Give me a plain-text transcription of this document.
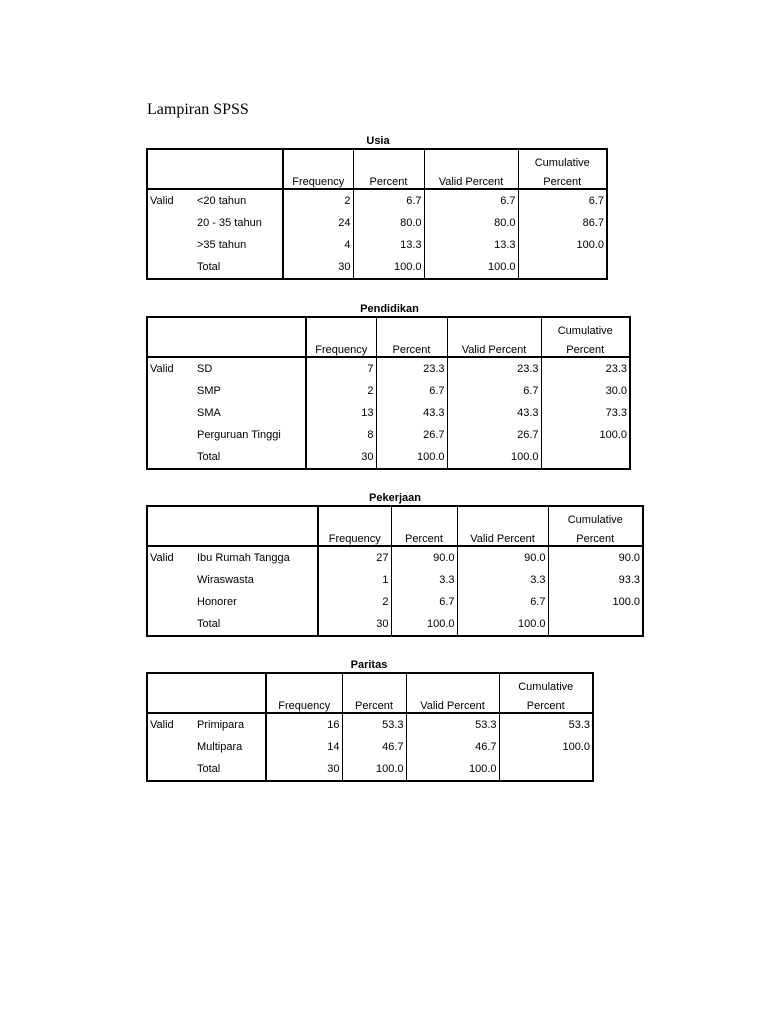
Lampiran SPSS
Usia
					Cumulative
		Frequency	Percent	Valid Percent	Percent
Valid	<20 tahun	2	6.7	6.7	6.7
	20 - 35 tahun	24	80.0	80.0	86.7
	>35 tahun	4	13.3	13.3	100.0
	Total	30	100.0	100.0	
Pendidikan
					Cumulative
		Frequency	Percent	Valid Percent	Percent
Valid	SD	7	23.3	23.3	23.3
	SMP	2	6.7	6.7	30.0
	SMA	13	43.3	43.3	73.3
	Perguruan Tinggi	8	26.7	26.7	100.0
	Total	30	100.0	100.0	
Pekerjaan
					Cumulative
		Frequency	Percent	Valid Percent	Percent
Valid	Ibu Rumah Tangga	27	90.0	90.0	90.0
	Wiraswasta	1	3.3	3.3	93.3
	Honorer	2	6.7	6.7	100.0
	Total	30	100.0	100.0	
Paritas
					Cumulative
		Frequency	Percent	Valid Percent	Percent
Valid	Primipara	16	53.3	53.3	53.3
	Multipara	14	46.7	46.7	100.0
	Total	30	100.0	100.0	
